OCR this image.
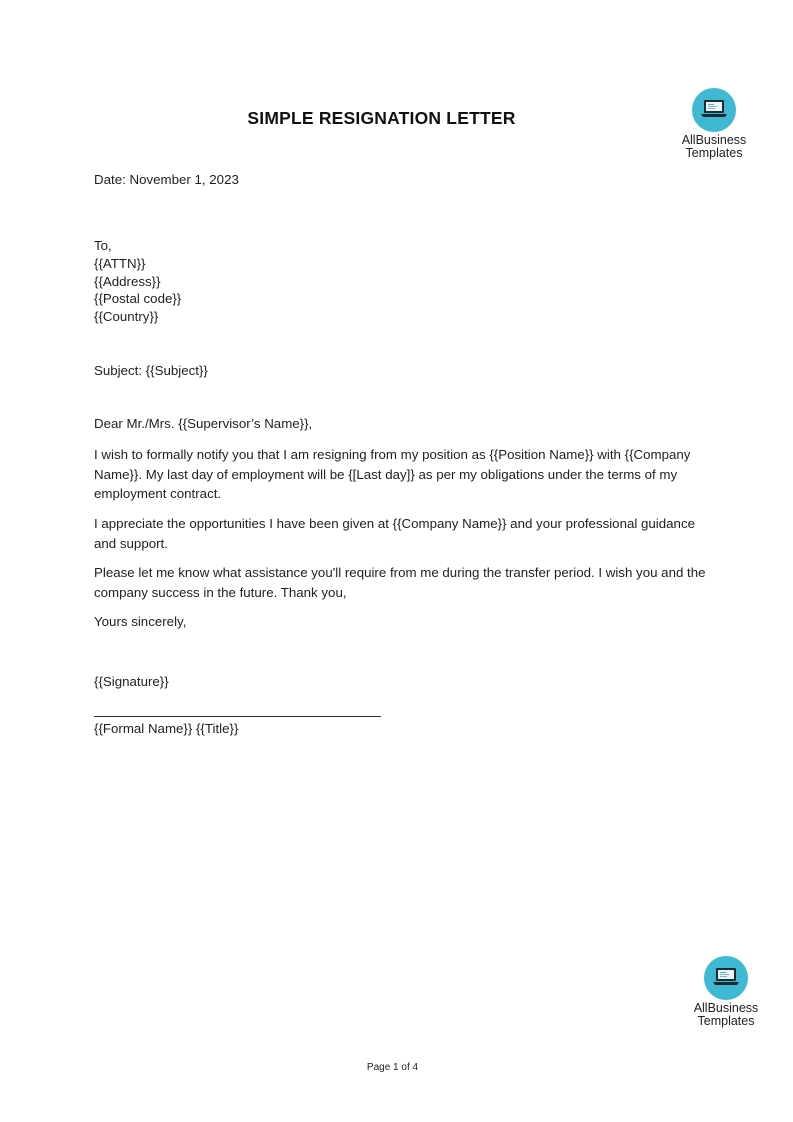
SIMPLE RESIGNATION LETTER
AllBusiness
Templates
Date: November 1, 2023
To,
{{ATTN}}
{{Address}}
{{Postal code}}
{{Country}}
Subject: {{Subject}}
Dear Mr./Mrs. {{Supervisor’s Name}},
I wish to formally notify you that I am resigning from my position as {{Position Name}} with {{Company Name}}. My last day of employment will be {[Last day]} as per my obligations under the terms of my employment contract.
I appreciate the opportunities I have been given at {{Company Name}} and your professional guidance and support.
Please let me know what assistance you'll require from me during the transfer period. I wish you and the company success in the future. Thank you,
Yours sincerely,
{{Signature}}
{{Formal Name}} {{Title}}
AllBusiness
Templates
Page 1 of 4
